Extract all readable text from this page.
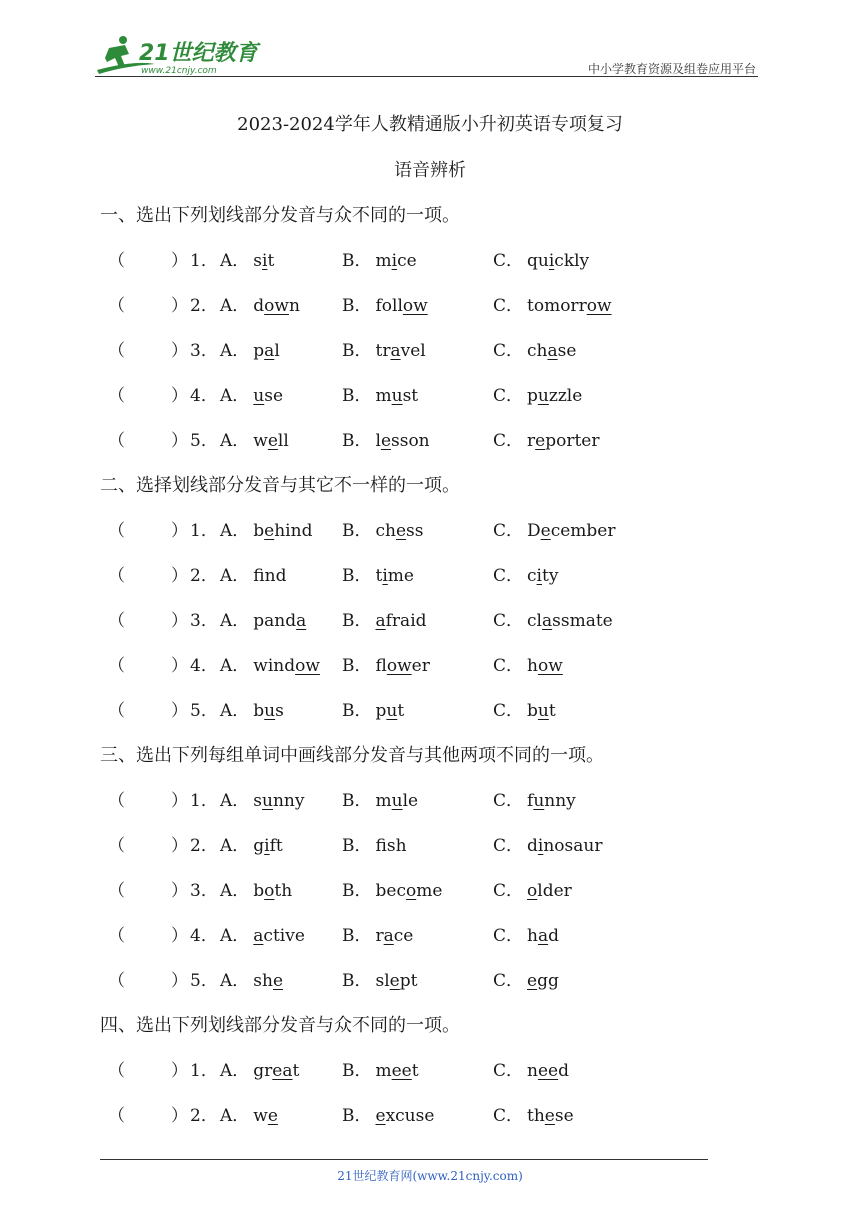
21世纪教育
www.21cnjy.com	中小学教育资源及组卷应用平台
2023-2024学年人教精通版小升初英语专项复习
语音辨析
一、选出下列划线部分发音与众不同的一项。
（	） 1． A． sit	B． mice	C． quickly
（	） 2． A． down B． follow	C． tomorrow
（	） 3． A． pal	B． travel	C． chase
（	） 4． A． use	B． must	C． puzzle
（	） 5． A． well	B． lesson	C． reporter
二、选择划线部分发音与其它不一样的一项。
（	） 1． A． behind B． chess	C． December
（	） 2． A． fnd	B． time	C． city
（	） 3． A． panda B． afraid	C． classmate
（	） 4． A． window B． flower	C． how
（	） 5． A． bus	B． put	C． but
三、选出下列每组单词中画线部分发音与其他两项不同的一项。
（	） 1． A． sunny B． mule	C． funny
（	） 2． A． gift	B． fsh	C． dinosaur
（	） 3． A． both	B． become	C． older
（	） 4． A． active B． race	C． had
（	） 5． A． she	B． slept	C． egg
四、选出下列划线部分发音与众不同的一项。
（	） 1． A． great	B． meet	C． need
（	） 2． A． we	B． excuse	C． these
21世纪教育网(www.21cnjy.com)
